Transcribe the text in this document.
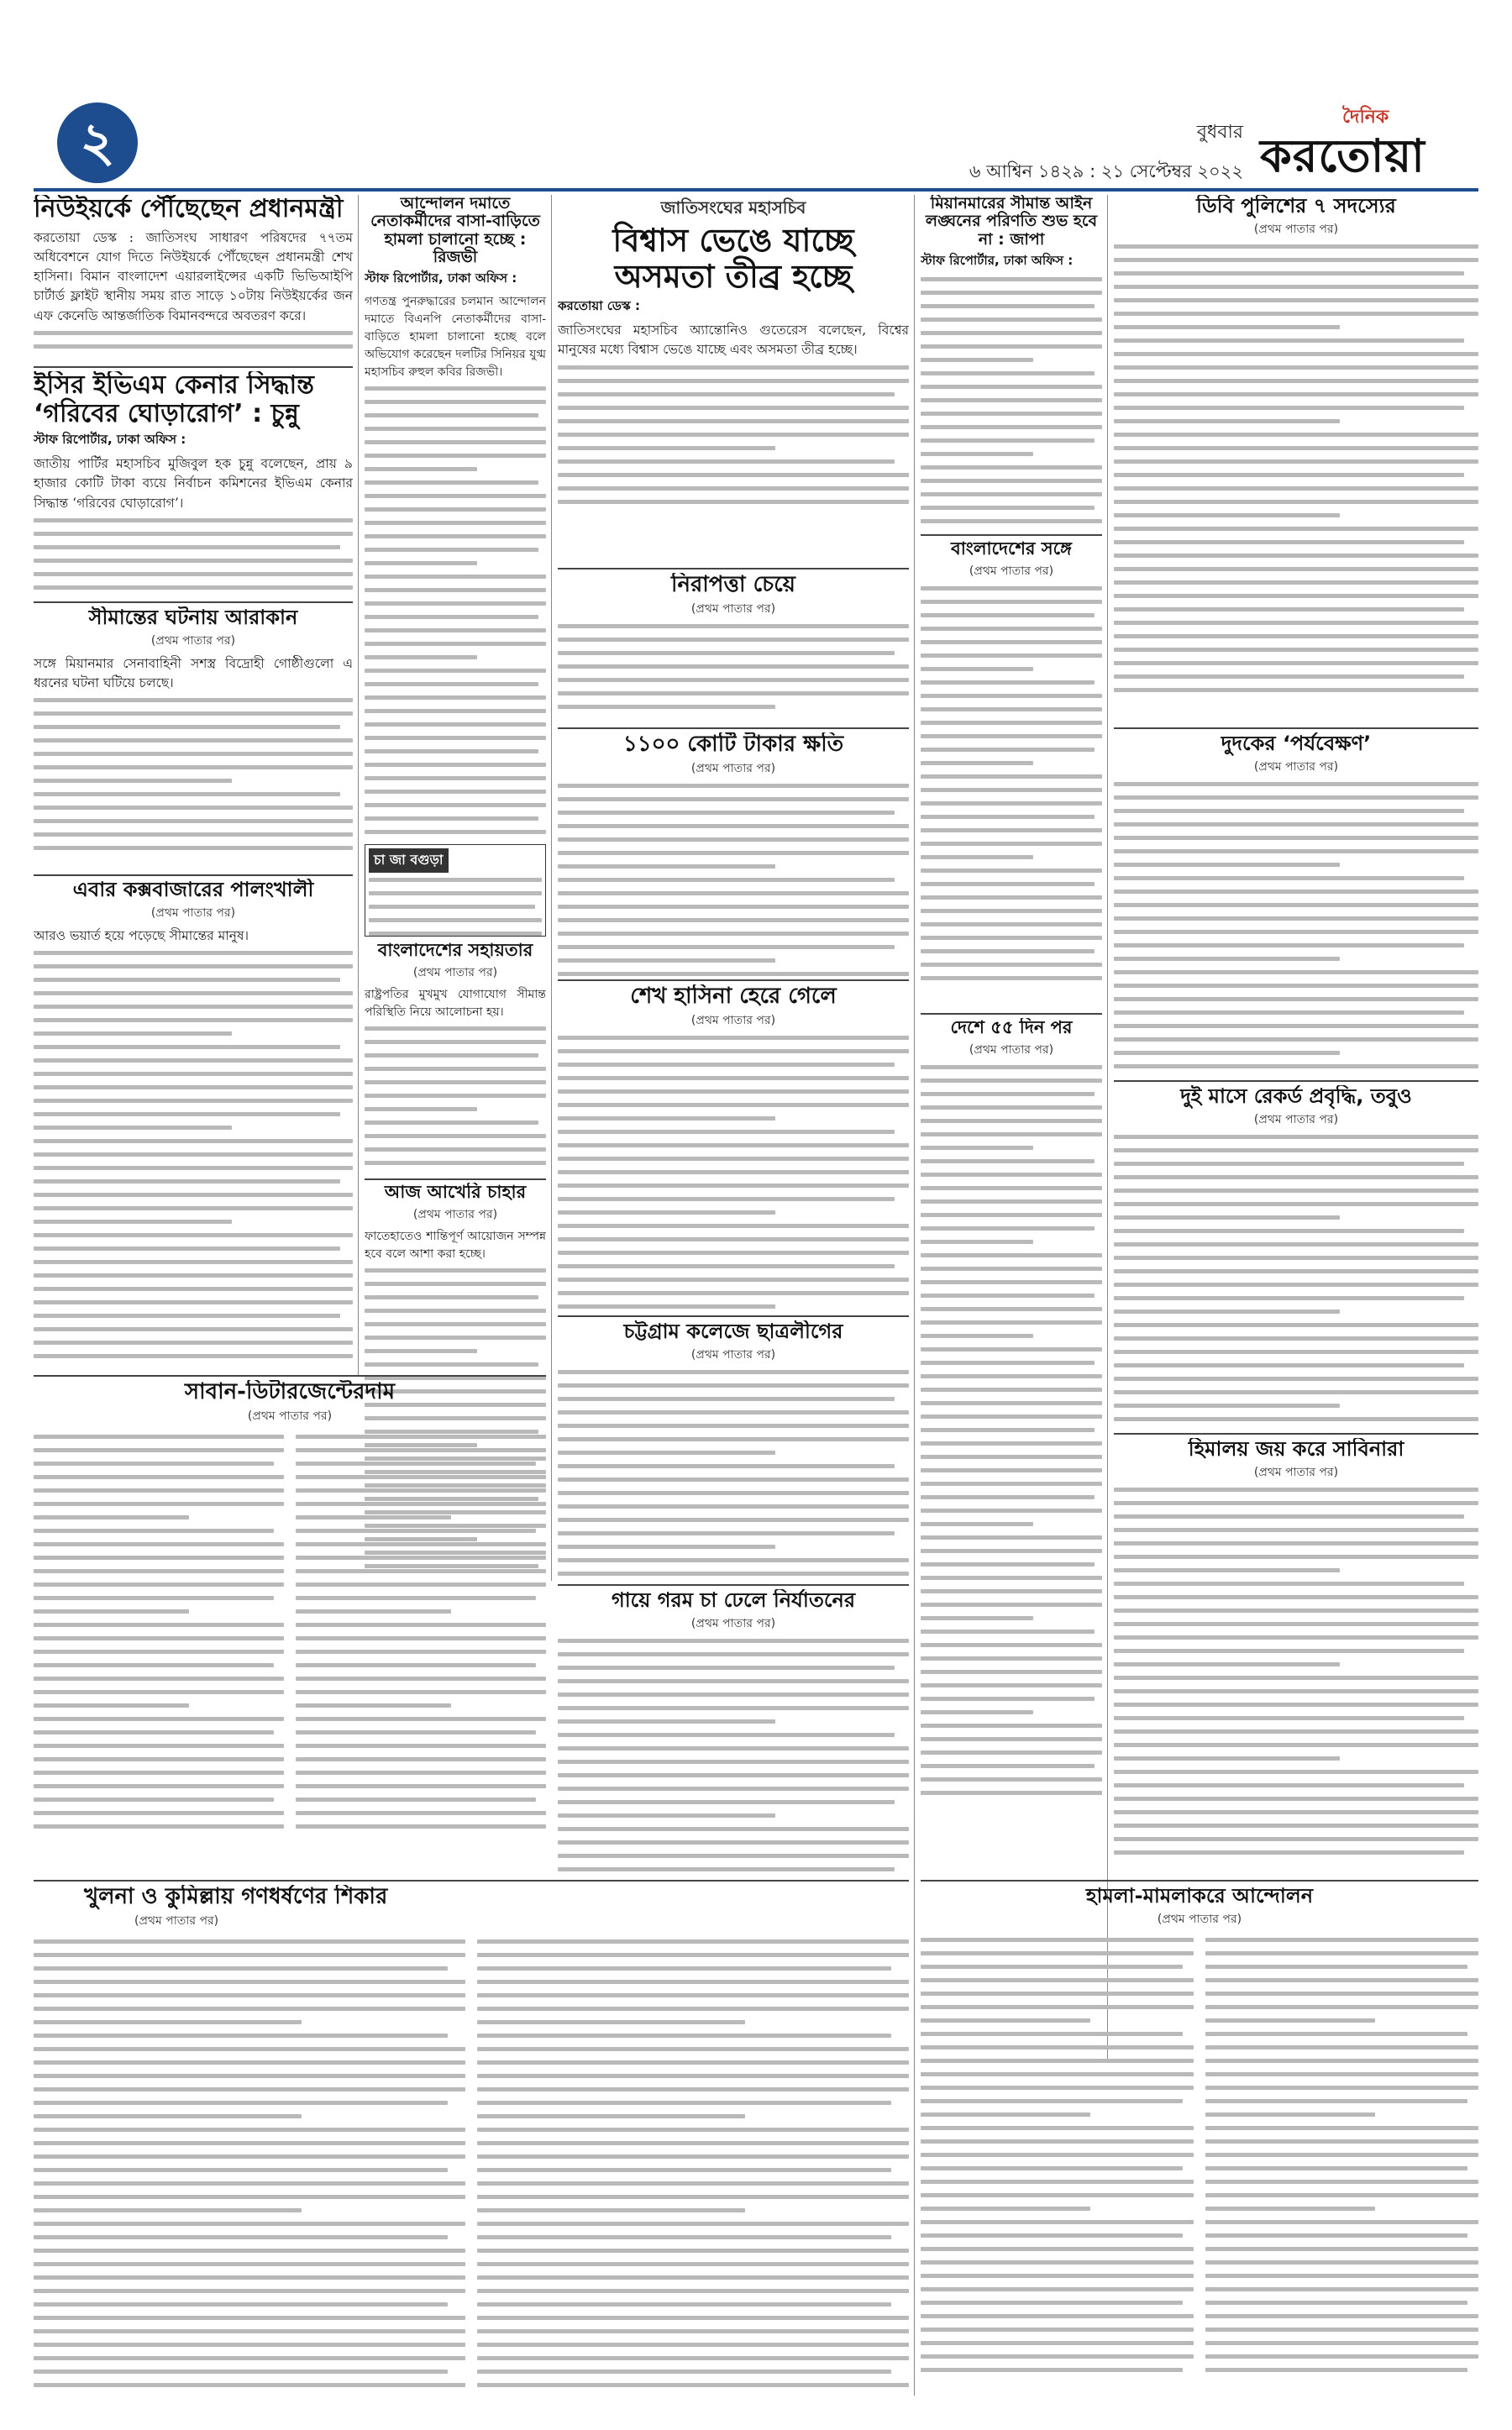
২	বুধবার
৬ আশ্বিন ১৪২৯ : ২১ সেপ্টেম্বর ২০২২
দৈনিক
করতোয়া
নিউইয়র্কে পৌঁছেছেন প্রধানমন্ত্রী
করতোয়া ডেস্ক : জাতিসংঘ সাধারণ পরিষদের ৭৭তম অধিবেশনে যোগ দিতে নিউইয়র্কে পৌঁছেছেন প্রধানমন্ত্রী শেখ হাসিনা। বিমান বাংলাদেশ এয়ারলাইন্সের একটি ভিভিআইপি চার্টার্ড ফ্লাইট স্থানীয় সময় রাত সাড়ে ১০টায় নিউইয়র্কের জন এফ কেনেডি আন্তর্জাতিক বিমানবন্দরে অবতরণ করে।
ইসির ইভিএম কেনার সিদ্ধান্ত
‘গরিবের ঘোড়ারোগ’ : চুন্নু
স্টাফ রিপোর্টার, ঢাকা অফিস :
জাতীয় পার্টির মহাসচিব মুজিবুল হক চুন্নু বলেছেন, প্রায় ৯ হাজার কোটি টাকা ব্যয়ে নির্বাচন কমিশনের ইভিএম কেনার সিদ্ধান্ত ‘গরিবের ঘোড়ারোগ’।
সীমান্তের ঘটনায় আরাকান
(প্রথম পাতার পর)
সঙ্গে মিয়ানমার সেনাবাহিনী সশস্ত্র বিদ্রোহী গোষ্ঠীগুলো এ ধরনের ঘটনা ঘটিয়ে চলছে।
এবার কক্সবাজারের পালংখালী
(প্রথম পাতার পর)
আরও ভয়ার্ত হয়ে পড়েছে সীমান্তের মানুষ।
আন্দোলন দমাতে নেতাকর্মীদের বাসা-বাড়িতে হামলা চালানো হচ্ছে : রিজভী
স্টাফ রিপোর্টার, ঢাকা অফিস :
গণতন্ত্র পুনরুদ্ধারের চলমান আন্দোলন দমাতে বিএনপি নেতাকর্মীদের বাসা-বাড়িতে হামলা চালানো হচ্ছে বলে অভিযোগ করেছেন দলটির সিনিয়র যুগ্ম মহাসচিব রুহুল কবির রিজভী।
চা জা বগুড়া
বাংলাদেশের সহায়তার
(প্রথম পাতার পর)
রাষ্ট্রপতির মুখমুখ যোগাযোগ সীমান্ত পরিস্থিতি নিয়ে আলোচনা হয়।
আজ আখেরি চাহার
(প্রথম পাতার পর)
ফাতেহাতেও শান্তিপূর্ণ আয়োজন সম্পন্ন হবে বলে আশা করা হচ্ছে।
জাতিসংঘের মহাসচিব
বিশ্বাস ভেঙে যাচ্ছে
অসমতা তীব্র হচ্ছে
করতোয়া ডেস্ক :
জাতিসংঘের মহাসচিব অ্যান্তোনিও গুতেরেস বলেছেন, বিশ্বের মানুষের মধ্যে বিশ্বাস ভেঙে যাচ্ছে এবং অসমতা তীব্র হচ্ছে।
নিরাপত্তা চেয়ে
(প্রথম পাতার পর)
১১০০ কোটি টাকার ক্ষতি
(প্রথম পাতার পর)
শেখ হাসিনা হেরে গেলে
(প্রথম পাতার পর)
চট্টগ্রাম কলেজে ছাত্রলীগের
(প্রথম পাতার পর)
সাবান-ডিটারজেন্টেরদাম
(প্রথম পাতার পর)
খুলনা ও কুমিল্লায় গণধর্ষণের শিকার
(প্রথম পাতার পর)
গায়ে গরম চা ঢেলে নির্যাতনের
(প্রথম পাতার পর)
মিয়ানমারের সীমান্ত আইন লঙ্ঘনের পরিণতি শুভ হবে না : জাপা
স্টাফ রিপোর্টার, ঢাকা অফিস :
বাংলাদেশের সঙ্গে
(প্রথম পাতার পর)
দেশে ৫৫ দিন পর
(প্রথম পাতার পর)
ডিবি পুলিশের ৭ সদস্যের
(প্রথম পাতার পর)
দুদকের ‘পর্যবেক্ষণ’
(প্রথম পাতার পর)
দুই মাসে রেকর্ড প্রবৃদ্ধি, তবুও
(প্রথম পাতার পর)
হিমালয় জয় করে সাবিনারা
(প্রথম পাতার পর)
হামলা-মামলাকরে আন্দোলন
(প্রথম পাতার পর)
